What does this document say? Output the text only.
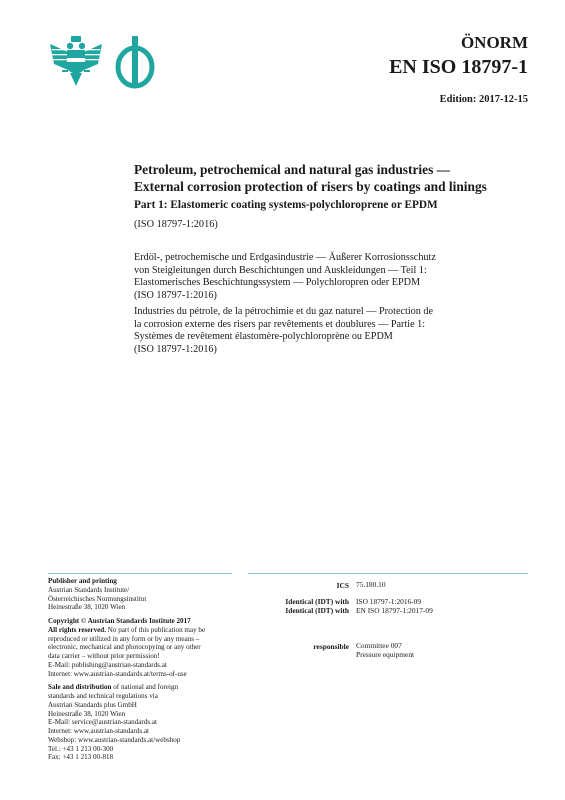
ÖNORM
EN ISO 18797-1
Edition: 2017-12-15
Petroleum, petrochemical and natural gas industries —
External corrosion protection of risers by coatings and linings
Part 1: Elastomeric coating systems-polychloroprene or EPDM
(ISO 18797-1:2016)
Erdöl-, petrochemische und Erdgasindustrie — Äußerer Korrosionsschutz
von Steigleitungen durch Beschichtungen und Auskleidungen — Teil 1:
Elastomerisches Beschichtungssystem — Polychloropren oder EPDM
(ISO 18797-1:2016)
Industries du pétrole, de la pétrochimie et du gaz naturel — Protection de
la corrosion externe des risers par revêtements et doublures — Partie 1:
Systèmes de revêtement élastomère-polychloroprène ou EPDM
(ISO 18797-1:2016)
Publisher and printing
Austrian Standards Institute/
Österreichisches Normungsinstitut
Heinestraße 38, 1020 Wien
Copyright © Austrian Standards Institute 2017
All rights reserved. No part of this publication may be
reproduced or utilized in any form or by any means –
electronic, mechanical and photocopying or any other
data carrier – without prior permission!
E-Mail: publishing@austrian-standards.at
Internet: www.austrian-standards.at/terms-of-use
Sale and distribution of national and foreign
standards and technical regulations via
Austrian Standards plus GmbH
Heinestraße 38, 1020 Wien
E-Mail: service@austrian-standards.at
Internet: www.austrian-standards.at
Webshop: www.austrian-standards.at/webshop
Tel.: +43 1 213 00-300
Fax: +43 1 213 00-818
ICS 75.180.10
Identical (IDT) with
Identical (IDT) with
ISO 18797-1:2016-09
EN ISO 18797-1:2017-09
responsible Committee 007
Pressure equipment
